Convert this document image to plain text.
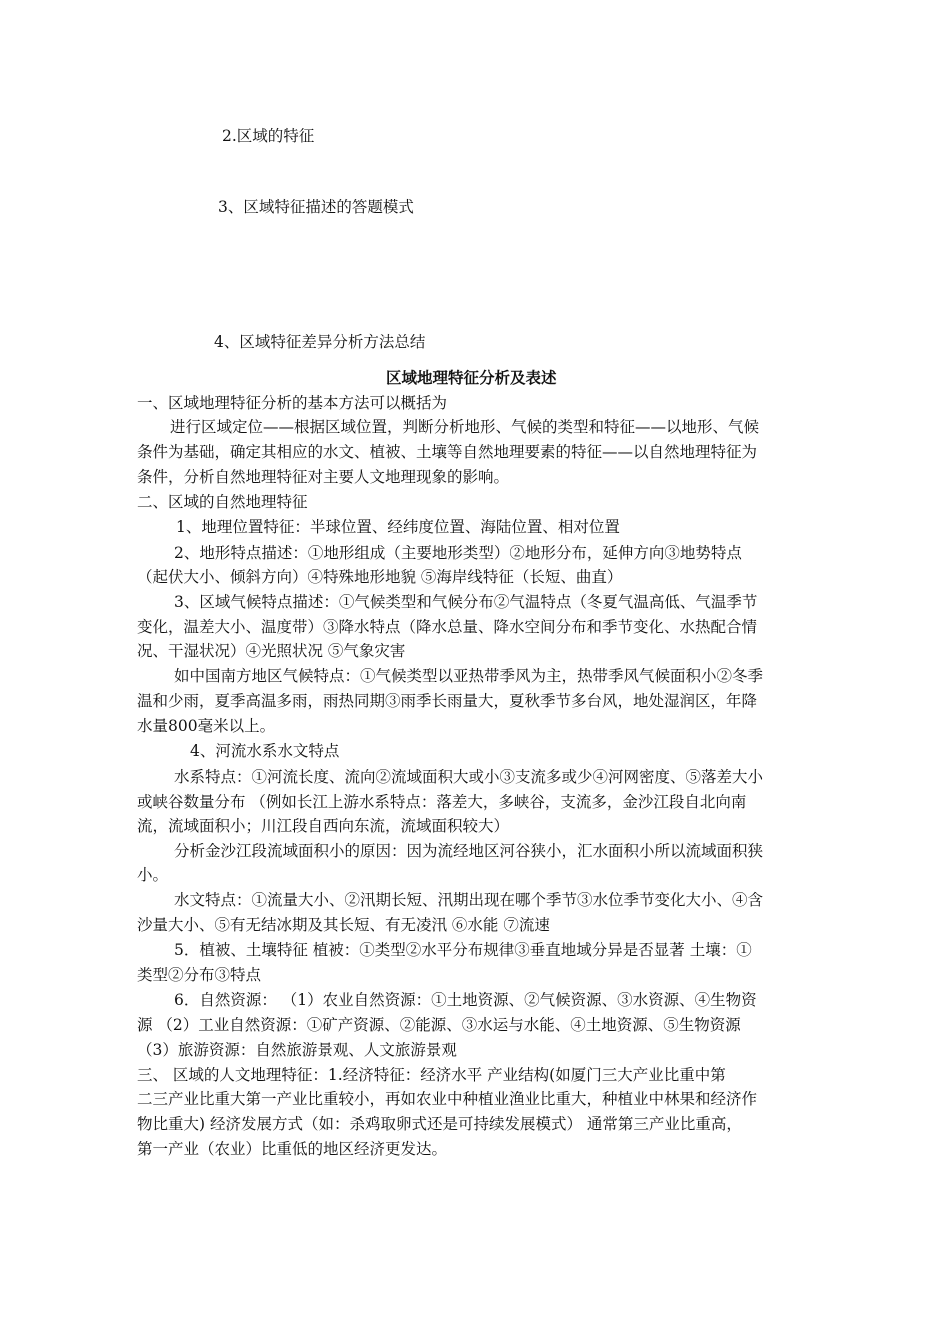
2.区域的特征
3、区域特征描述的答题模式
4、区域特征差异分析方法总结
区域地理特征分析及表述
一、区域地理特征分析的基本方法可以概括为
进行区域定位——根据区域位置，判断分析地形、气候的类型和特征——以地形、气候
条件为基础，确定其相应的水文、植被、土壤等自然地理要素的特征——以自然地理特征为
条件，分析自然地理特征对主要人文地理现象的影响。
二、区域的自然地理特征
1、地理位置特征：半球位置、经纬度位置、海陆位置、相对位置
2、地形特点描述：①地形组成（主要地形类型）②地形分布，延伸方向③地势特点
（起伏大小、倾斜方向）④特殊地形地貌 ⑤海岸线特征（长短、曲直）
3、区域气候特点描述：①气候类型和气候分布②气温特点（冬夏气温高低、气温季节
变化，温差大小、温度带）③降水特点（降水总量、降水空间分布和季节变化、水热配合情
况、干湿状况）④光照状况 ⑤气象灾害
如中国南方地区气候特点：①气候类型以亚热带季风为主，热带季风气候面积小②冬季
温和少雨，夏季高温多雨，雨热同期③雨季长雨量大，夏秋季节多台风，地处湿润区，年降
水量800毫米以上。
4、河流水系水文特点
水系特点：①河流长度、流向②流域面积大或小③支流多或少④河网密度、⑤落差大小
或峡谷数量分布 （例如长江上游水系特点：落差大，多峡谷，支流多，金沙江段自北向南
流，流域面积小；川江段自西向东流，流域面积较大）
分析金沙江段流域面积小的原因：因为流经地区河谷狭小，汇水面积小所以流域面积狭
小。
水文特点：①流量大小、②汛期长短、汛期出现在哪个季节③水位季节变化大小、④含
沙量大小、⑤有无结冰期及其长短、有无凌汛 ⑥水能 ⑦流速
5．植被、土壤特征 植被：①类型②水平分布规律③垂直地域分异是否显著 土壤：①
类型②分布③特点
6．自然资源： （1）农业自然资源：①土地资源、②气候资源、③水资源、④生物资
源 （2）工业自然资源：①矿产资源、②能源、③水运与水能、④土地资源、⑤生物资源
（3）旅游资源：自然旅游景观、人文旅游景观
三、 区域的人文地理特征：1.经济特征：经济水平 产业结构(如厦门三大产业比重中第
二三产业比重大第一产业比重较小，再如农业中种植业渔业比重大，种植业中林果和经济作
物比重大) 经济发展方式（如：杀鸡取卵式还是可持续发展模式） 通常第三产业比重高，
第一产业（农业）比重低的地区经济更发达。
